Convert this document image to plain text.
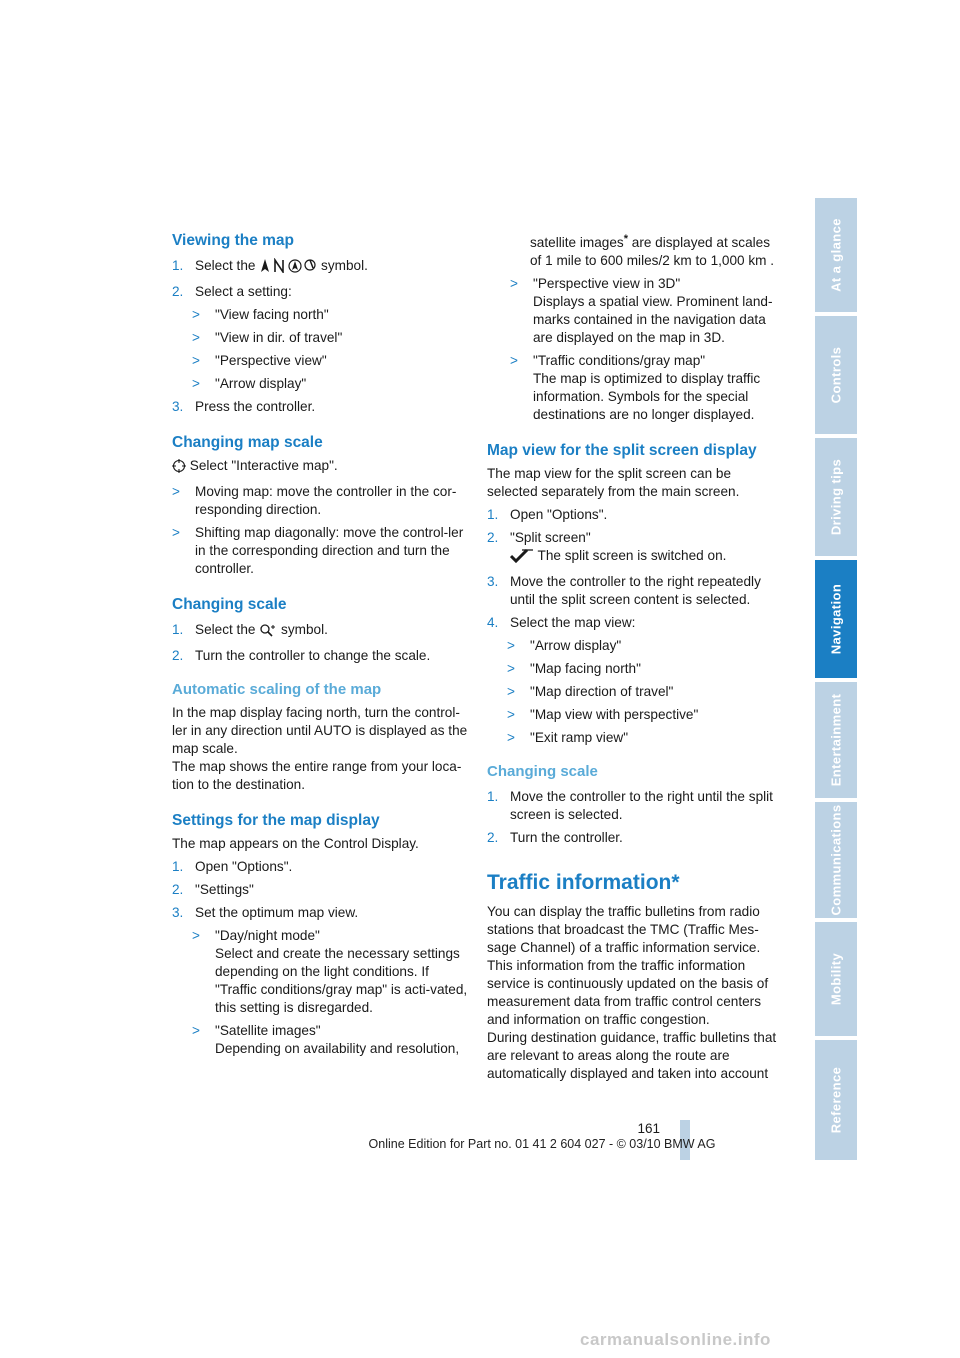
Viewing the map
1. Select the	symbol.
2. Select a setting:
> "View facing north"
> "View in dir. of travel"
> "Perspective view"
> "Arrow display"
3. Press the controller.
Changing map scale

Select "Interactive map".

> Moving map: move the controller in the cor-responding direction.
> Shifting map diagonally: move the control-ler in the corresponding direction and turn the controller.
Changing scale
1. Select the symbol.
2. Turn the controller to change the scale.
Automatic scaling of the map

In the map display facing north, turn the control-ler in any direction until AUTO is displayed as the map scale.

The map shows the entire range from your loca-tion to the destination.

Settings for the map display

The map appears on the Control Display.

1. Open "Options".
2. "Settings"
3. Set the optimum map view.
> "Day/night mode"
Select and create the necessary settings depending on the light conditions. If "Traffic conditions/gray map" is acti-vated, this setting is disregarded.
> "Satellite images"
Depending on availability and resolution,
satellite images* are displayed at scales of 1 mile to 600 miles/2 km to 1,000 km .
> "Perspective view in 3D"
Displays a spatial view. Prominent land-marks contained in the navigation data are displayed on the map in 3D.
> "Traffic conditions/gray map"
The map is optimized to display traffic information. Symbols for the special destinations are no longer displayed.
Map view for the split screen display

The map view for the split screen can be selected separately from the main screen.

1. Open "Options".
2. "Split screen"
The split screen is switched on.
3. Move the controller to the right repeatedly until the split screen content is selected.
4. Select the map view:
> "Arrow display"
> "Map facing north"
> "Map direction of travel"
> "Map view with perspective"
> "Exit ramp view"
Changing scale
1. Move the controller to the right until the split screen is selected.
2. Turn the controller.
Traffic information*

You can display the traffic bulletins from radio stations that broadcast the TMC (Traffic Mes-sage Channel) of a traffic information service. This information from the traffic information service is continuously updated on the basis of measurement data from traffic control centers and information on traffic congestion.

During destination guidance, traffic bulletins that are relevant to areas along the route are automatically displayed and taken into account

At a glance
Controls
Driving tips
Navigation
Entertainment
Communications
Mobility
Reference
161
Online Edition for Part no. 01 41 2 604 027 - © 03/10 BMW AG
carmanualsonline.info
